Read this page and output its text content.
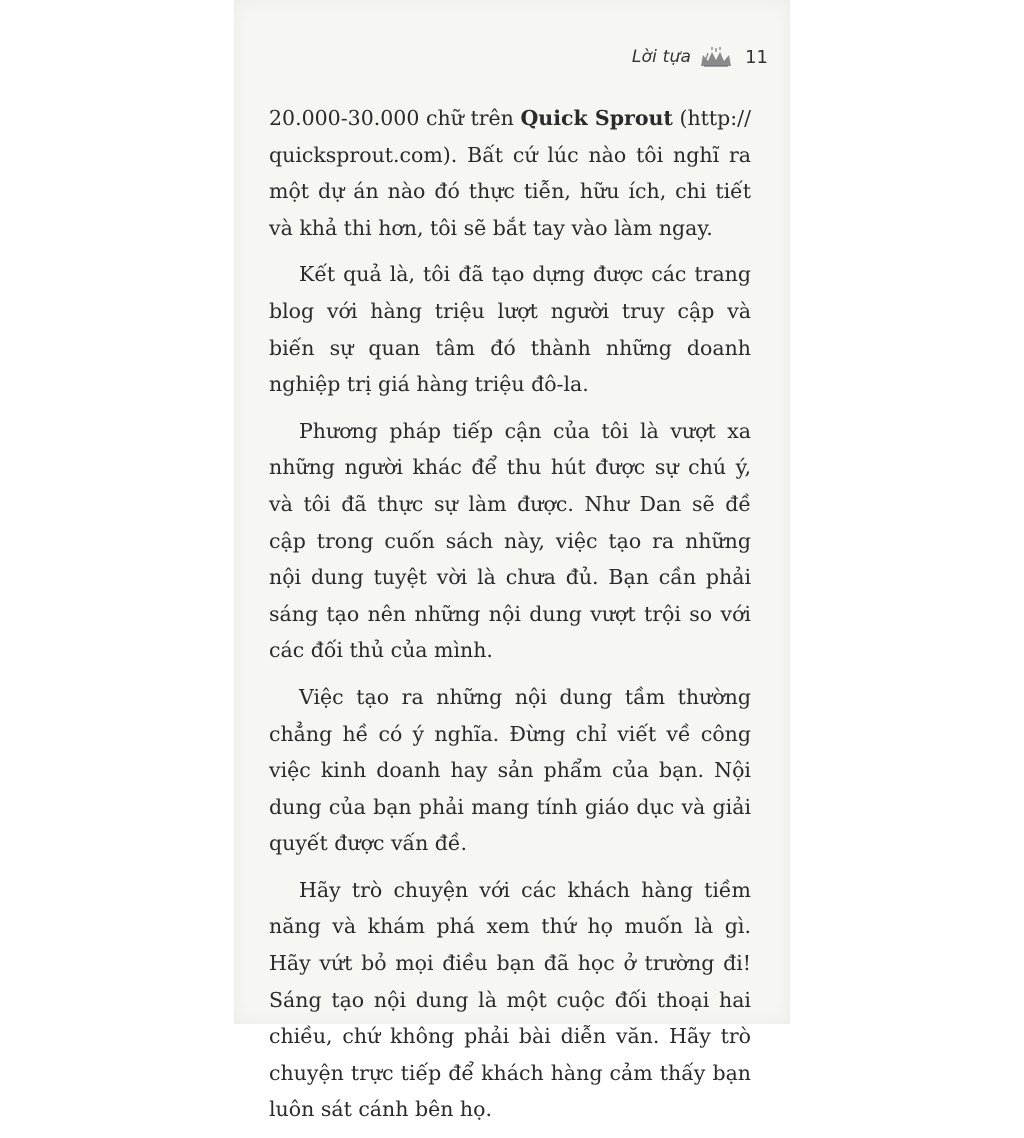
Lời tựa	11

20.000-30.000 chữ trên Quick Sprout (http:// quicksprout.com). Bất cứ lúc nào tôi nghĩ ra một dự án nào đó thực tiễn, hữu ích, chi tiết và khả thi hơn, tôi sẽ bắt tay vào làm ngay.

Kết quả là, tôi đã tạo dựng được các trang blog với hàng triệu lượt người truy cập và biến sự quan tâm đó thành những doanh nghiệp trị giá hàng triệu đô-la.

Phương pháp tiếp cận của tôi là vượt xa những người khác để thu hút được sự chú ý, và tôi đã thực sự làm được. Như Dan sẽ đề cập trong cuốn sách này, việc tạo ra những nội dung tuyệt vời là chưa đủ. Bạn cần phải sáng tạo nên những nội dung vượt trội so với các đối thủ của mình.

Việc tạo ra những nội dung tầm thường chẳng hề có ý nghĩa. Đừng chỉ viết về công việc kinh doanh hay sản phẩm của bạn. Nội dung của bạn phải mang tính giáo dục và giải quyết được vấn đề.

Hãy trò chuyện với các khách hàng tiềm năng và khám phá xem thứ họ muốn là gì. Hãy vứt bỏ mọi điều bạn đã học ở trường đi! Sáng tạo nội dung là một cuộc đối thoại hai chiều, chứ không phải bài diễn văn. Hãy trò chuyện trực tiếp để khách hàng cảm thấy bạn luôn sát cánh bên họ.
